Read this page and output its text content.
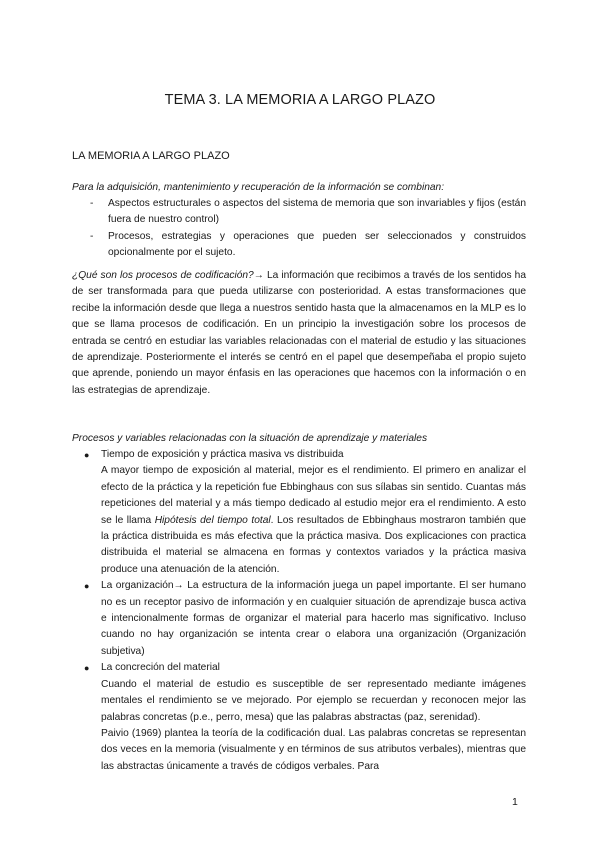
TEMA 3. LA MEMORIA A LARGO PLAZO
LA MEMORIA A LARGO PLAZO
Para la adquisición, mantenimiento y recuperación de la información se combinan:
- Aspectos estructurales o aspectos del sistema de memoria que son invariables y fijos (están fuera de nuestro control)
- Procesos, estrategias y operaciones que pueden ser seleccionados y construidos opcionalmente por el sujeto.
¿Qué son los procesos de codificación?→ La información que recibimos a través de los sentidos ha de ser transformada para que pueda utilizarse con posterioridad. A estas transformaciones que recibe la información desde que llega a nuestros sentido hasta que la almacenamos en la MLP es lo que se llama procesos de codificación. En un principio la investigación sobre los procesos de entrada se centró en estudiar las variables relacionadas con el material de estudio y las situaciones de aprendizaje. Posteriormente el interés se centró en el papel que desempeñaba el propio sujeto que aprende, poniendo un mayor énfasis en las operaciones que hacemos con la información o en las estrategias de aprendizaje.
Procesos y variables relacionadas con la situación de aprendizaje y materiales
● Tiempo de exposición y práctica masiva vs distribuida

A mayor tiempo de exposición al material, mejor es el rendimiento. El primero en analizar el efecto de la práctica y la repetición fue Ebbinghaus con sus sílabas sin sentido. Cuantas más repeticiones del material y a más tiempo dedicado al estudio mejor era el rendimiento. A esto se le llama Hipótesis del tiempo total. Los resultados de Ebbinghaus mostraron también que la práctica distribuida es más efectiva que la práctica masiva. Dos explicaciones con practica distribuida el material se almacena en formas y contextos variados y la práctica masiva produce una atenuación de la atención.

● La organización→ La estructura de la información juega un papel importante. El ser humano no es un receptor pasivo de información y en cualquier situación de aprendizaje busca activa e intencionalmente formas de organizar el material para hacerlo mas significativo. Incluso cuando no hay organización se intenta crear o elabora una organización (Organización subjetiva)

● La concreción del material

Cuando el material de estudio es susceptible de ser representado mediante imágenes mentales el rendimiento se ve mejorado. Por ejemplo se recuerdan y reconocen mejor las palabras concretas (p.e., perro, mesa) que las palabras abstractas (paz, serenidad).

Paivio (1969) plantea la teoría de la codificación dual. Las palabras concretas se representan dos veces en la memoria (visualmente y en términos de sus atributos verbales), mientras que las abstractas únicamente a través de códigos verbales. Para

1
